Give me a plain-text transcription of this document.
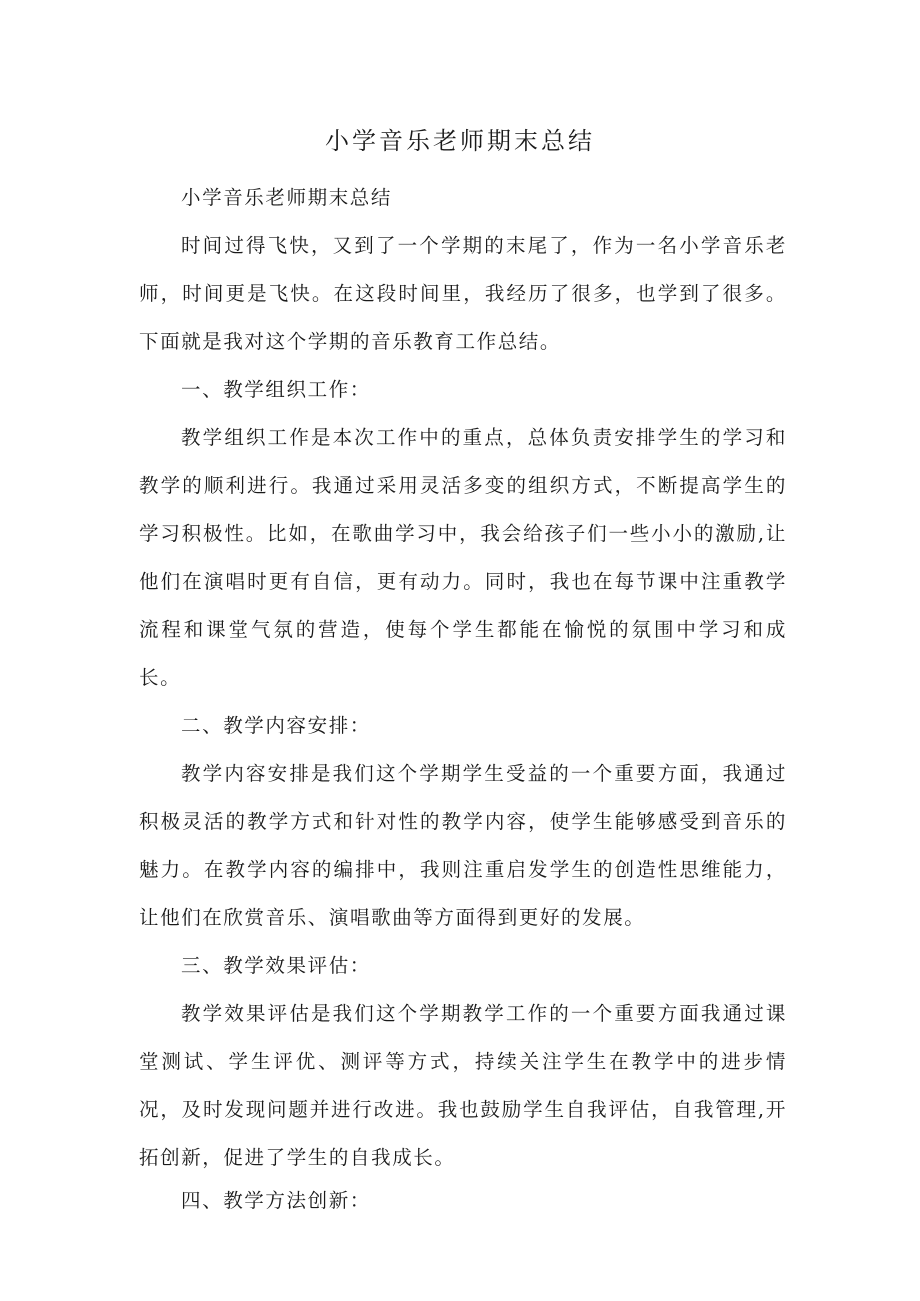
小学音乐老师期末总结

小学音乐老师期末总结

时间过得飞快，又到了一个学期的末尾了，作为一名小学音乐老师，时间更是飞快。在这段时间里，我经历了很多，也学到了很多。下面就是我对这个学期的音乐教育工作总结。

一、教学组织工作：

教学组织工作是本次工作中的重点，总体负责安排学生的学习和教学的顺利进行。我通过采用灵活多变的组织方式，不断提高学生的学习积极性。比如，在歌曲学习中，我会给孩子们一些小小的激励,让他们在演唱时更有自信，更有动力。同时，我也在每节课中注重教学流程和课堂气氛的营造，使每个学生都能在愉悦的氛围中学习和成长。

二、教学内容安排：

教学内容安排是我们这个学期学生受益的一个重要方面，我通过积极灵活的教学方式和针对性的教学内容，使学生能够感受到音乐的魅力。在教学内容的编排中，我则注重启发学生的创造性思维能力，让他们在欣赏音乐、演唱歌曲等方面得到更好的发展。

三、教学效果评估：

教学效果评估是我们这个学期教学工作的一个重要方面我通过课堂测试、学生评优、测评等方式，持续关注学生在教学中的进步情况，及时发现问题并进行改进。我也鼓励学生自我评估，自我管理,开拓创新，促进了学生的自我成长。

四、教学方法创新：
